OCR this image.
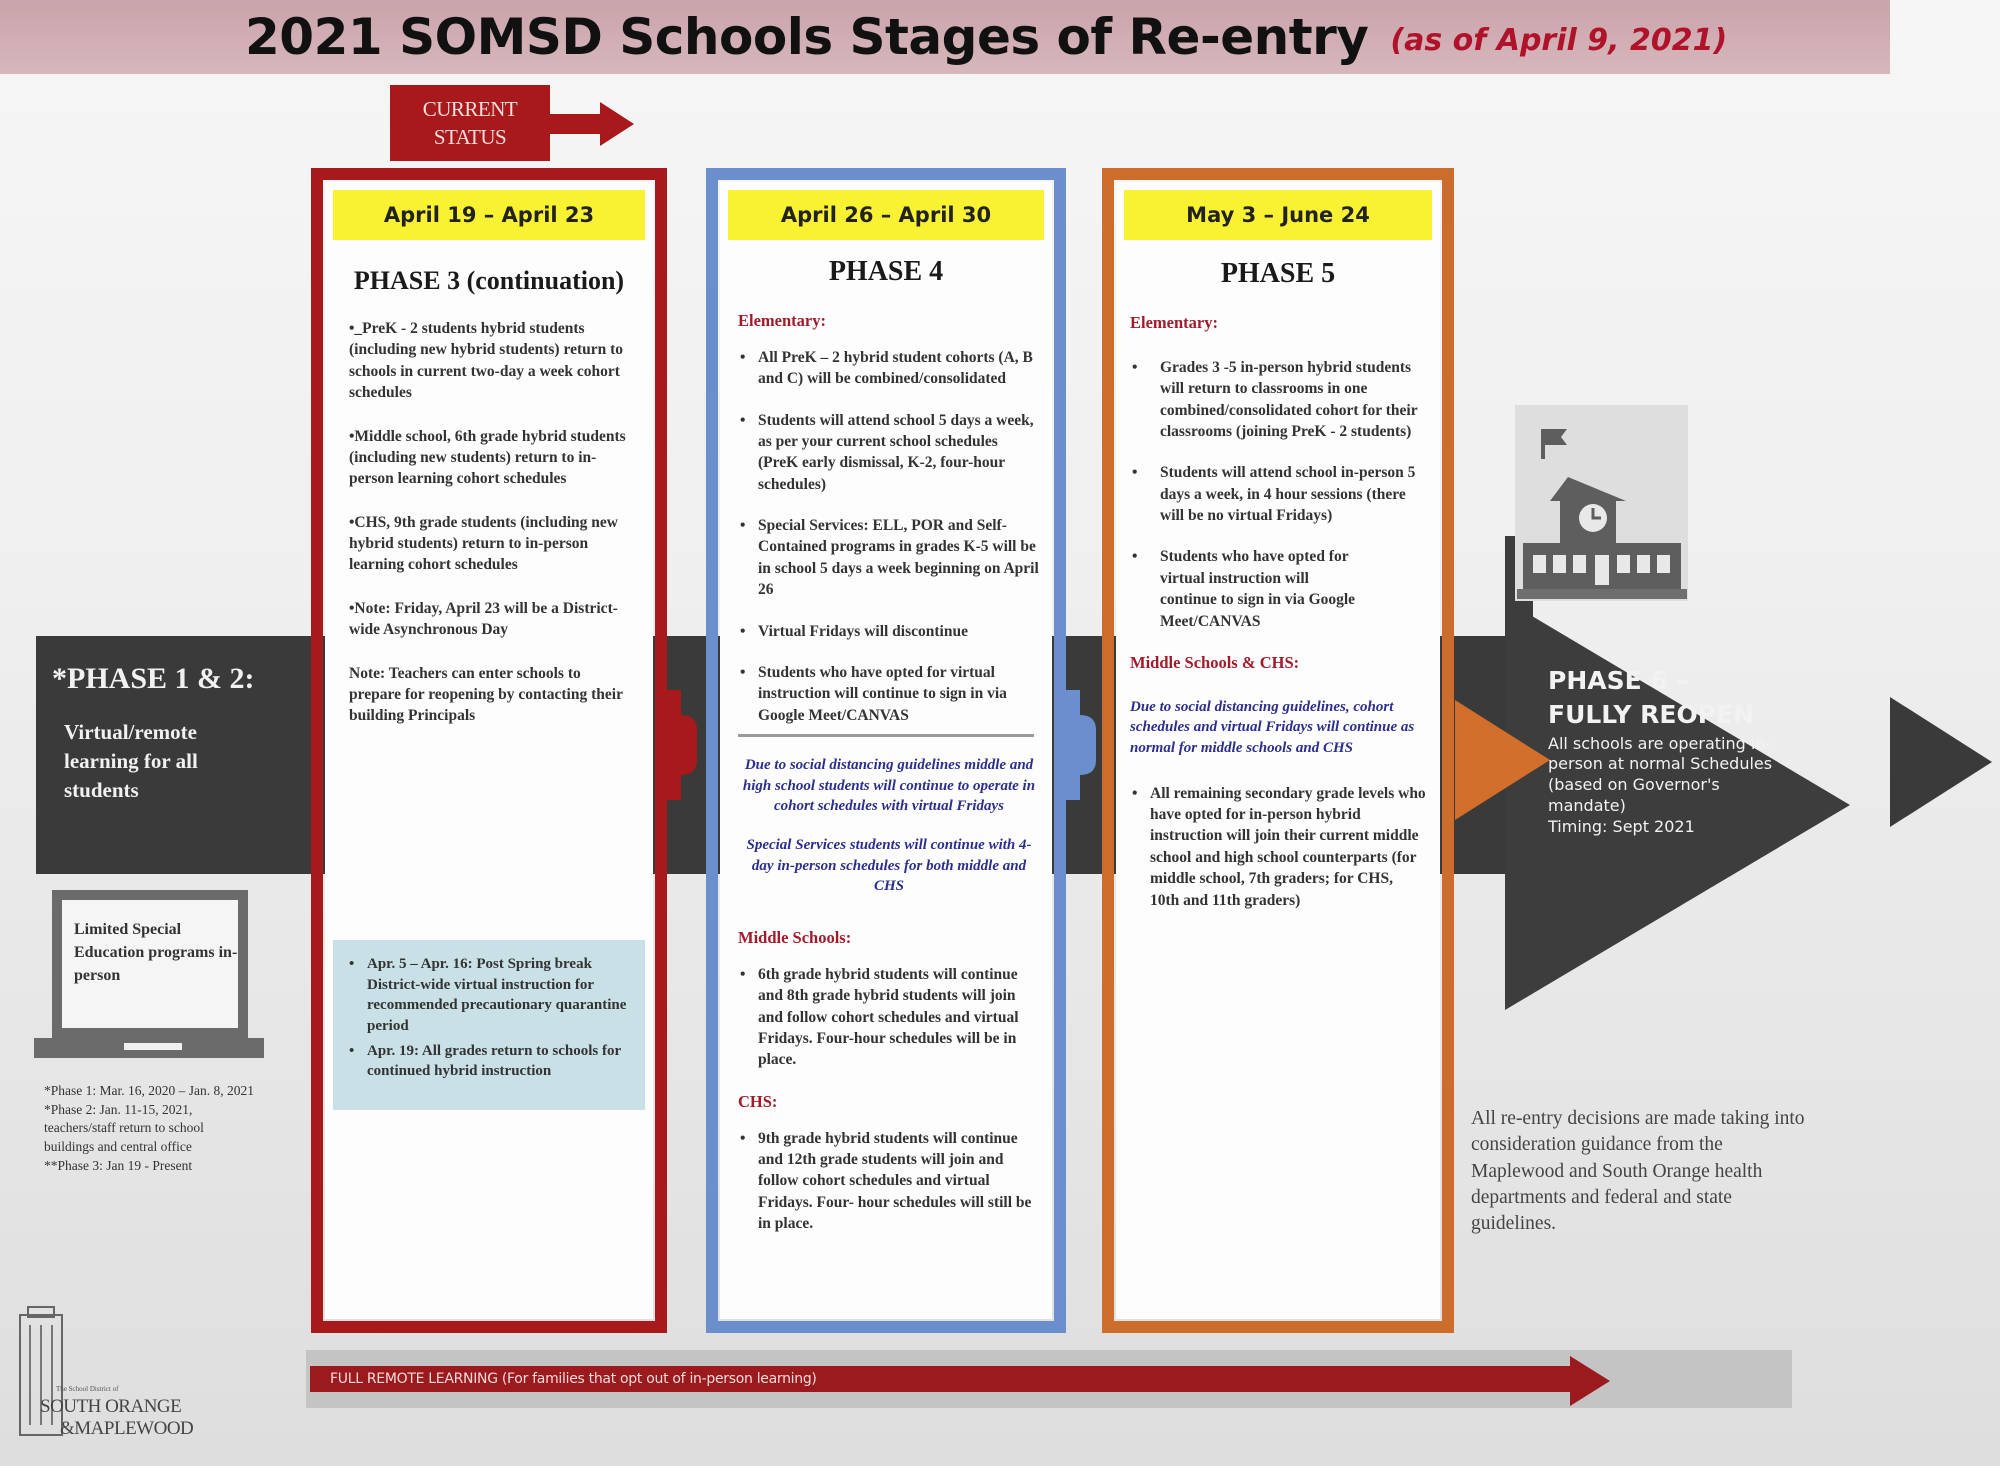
2021 SOMSD Schools Stages of Re-entry (as of April 9, 2021)
CURRENT
STATUS
*PHASE 1 & 2:
Virtual/remote learning for all students
Limited Special Education programs in-person
*Phase 1: Mar. 16, 2020 – Jan. 8, 2021
*Phase 2: Jan. 11-15, 2021, teachers/staff return to school buildings and central office
**Phase 3: Jan 19 - Present
April 19 – April 23
PHASE 3 (continuation)
•_PreK - 2 students hybrid students (including new hybrid students) return to schools in current two-day a week cohort schedules
•Middle school, 6th grade hybrid students (including new students) return to in-person learning cohort schedules
•CHS, 9th grade students (including new hybrid students) return to in-person learning cohort schedules
•Note: Friday, April 23 will be a District-wide Asynchronous Day
Note: Teachers can enter schools to prepare for reopening by contacting their building Principals
• Apr. 5 – Apr. 16: Post Spring break District-wide virtual instruction for recommended precautionary quarantine period
• Apr. 19: All grades return to schools for continued hybrid instruction
April 26 – April 30
PHASE 4
Elementary:
• All PreK – 2 hybrid student cohorts (A, B and C) will be combined/consolidated
• Students will attend school 5 days a week, as per your current school schedules (PreK early dismissal, K-2, four-hour schedules)
• Special Services: ELL, POR and Self-Contained programs in grades K-5 will be in school 5 days a week beginning on April 26
• Virtual Fridays will discontinue
• Students who have opted for virtual instruction will continue to sign in via Google Meet/CANVAS
Due to social distancing guidelines middle and high school students will continue to operate in cohort schedules with virtual Fridays
Special Services students will continue with 4-day in-person schedules for both middle and CHS
Middle Schools:
• 6th grade hybrid students will continue and 8th grade hybrid students will join and follow cohort schedules and virtual Fridays. Four-hour schedules will be in place.
CHS:
• 9th grade hybrid students will continue and 12th grade students will join and follow cohort schedules and virtual Fridays. Four- hour schedules will still be in place.
May 3 – June 24
PHASE 5
Elementary:
• Grades 3 -5 in-person hybrid students will return to classrooms in one combined/consolidated cohort for their classrooms (joining PreK - 2 students)
• Students will attend school in-person 5 days a week, in 4 hour sessions (there will be no virtual Fridays)
• Students who have opted for virtual instruction will continue to sign in via Google Meet/CANVAS
Middle Schools & CHS:
Due to social distancing guidelines, cohort schedules and virtual Fridays will continue as normal for middle schools and CHS
• All remaining secondary grade levels who have opted for in-person hybrid instruction will join their current middle school and high school counterparts (for middle school, 7th graders; for CHS, 10th and 11th graders)
PHASE 6 –
FULLY REOPEN
All schools are operating in-person at normal Schedules (based on Governor's mandate)
Timing: Sept 2021
All re-entry decisions are made taking into consideration guidance from the Maplewood and South Orange health departments and federal and state guidelines.
FULL REMOTE LEARNING (For families that opt out of in-person learning)
The School District of
SOUTH ORANGE
&MAPLEWOOD
